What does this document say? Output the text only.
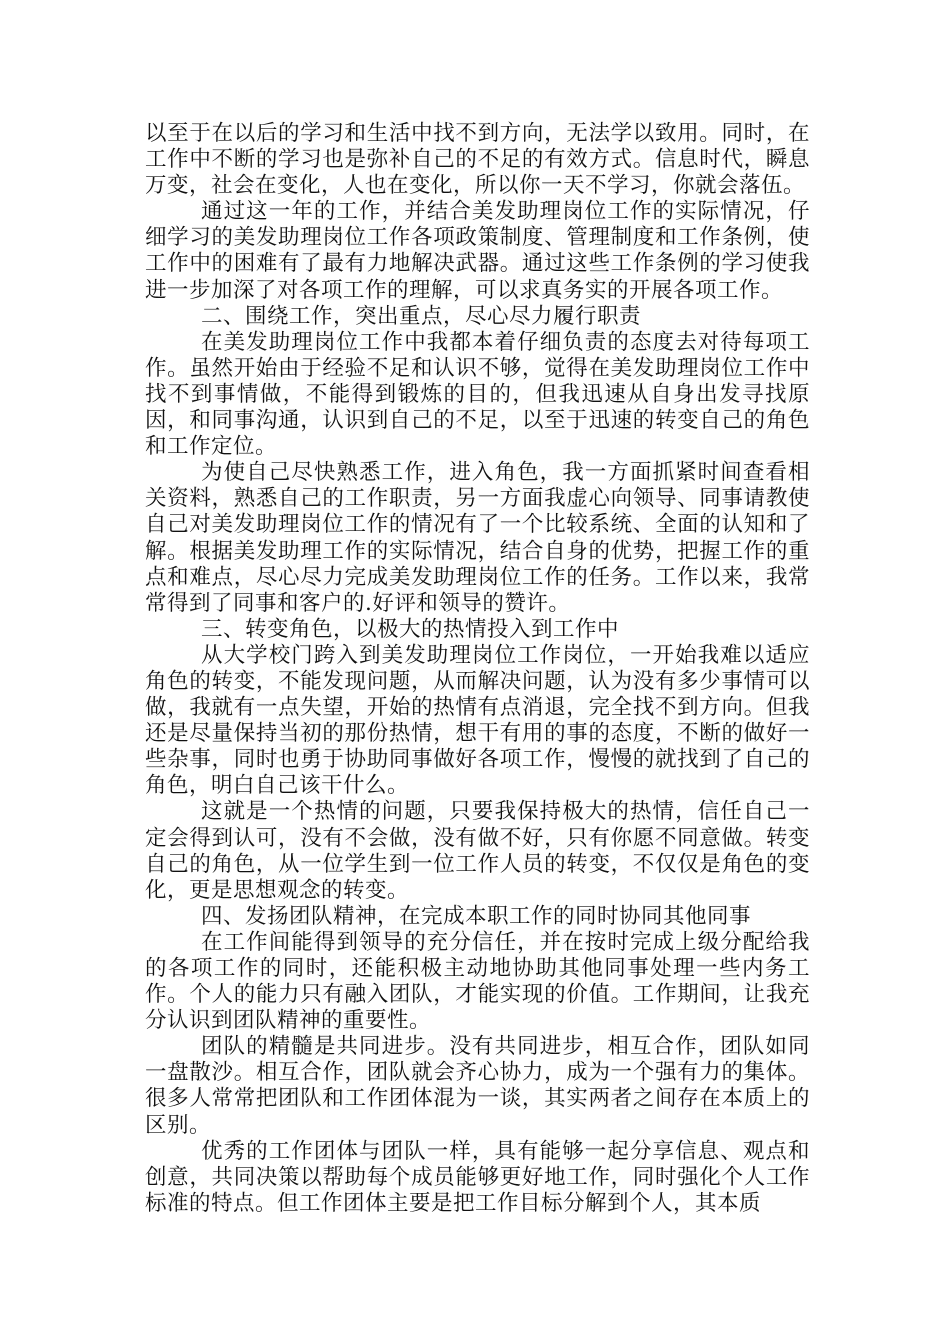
以至于在以后的学习和生活中找不到方向，无法学以致用。同时，在工作中不断的学习也是弥补自己的不足的有效方式。信息时代，瞬息万变，社会在变化，人也在变化，所以你一天不学习，你就会落伍。

通过这一年的工作，并结合美发助理岗位工作的实际情况，仔细学习的美发助理岗位工作各项政策制度、管理制度和工作条例，使工作中的困难有了最有力地解决武器。通过这些工作条例的学习使我进一步加深了对各项工作的理解，可以求真务实的开展各项工作。

二、围绕工作，突出重点，尽心尽力履行职责

在美发助理岗位工作中我都本着仔细负责的态度去对待每项工作。虽然开始由于经验不足和认识不够，觉得在美发助理岗位工作中找不到事情做，不能得到锻炼的目的，但我迅速从自身出发寻找原因，和同事沟通，认识到自己的不足，以至于迅速的转变自己的角色和工作定位。

为使自己尽快熟悉工作，进入角色，我一方面抓紧时间查看相关资料，熟悉自己的工作职责，另一方面我虚心向领导、同事请教使自己对美发助理岗位工作的情况有了一个比较系统、全面的认知和了解。根据美发助理工作的实际情况，结合自身的优势，把握工作的重点和难点，尽心尽力完成美发助理岗位工作的任务。工作以来，我常常得到了同事和客户的.好评和领导的赞许。

三、转变角色，以极大的热情投入到工作中

从大学校门跨入到美发助理岗位工作岗位，一开始我难以适应角色的转变，不能发现问题，从而解决问题，认为没有多少事情可以做，我就有一点失望，开始的热情有点消退，完全找不到方向。但我还是尽量保持当初的那份热情，想干有用的事的态度，不断的做好一些杂事，同时也勇于协助同事做好各项工作，慢慢的就找到了自己的角色，明白自己该干什么。

这就是一个热情的问题，只要我保持极大的热情，信任自己一定会得到认可，没有不会做，没有做不好，只有你愿不同意做。转变自己的角色，从一位学生到一位工作人员的转变，不仅仅是角色的变化，更是思想观念的转变。

四、发扬团队精神，在完成本职工作的同时协同其他同事

在工作间能得到领导的充分信任，并在按时完成上级分配给我的各项工作的同时，还能积极主动地协助其他同事处理一些内务工作。个人的能力只有融入团队，才能实现的价值。工作期间，让我充分认识到团队精神的重要性。

团队的精髓是共同进步。没有共同进步，相互合作，团队如同一盘散沙。相互合作，团队就会齐心协力，成为一个强有力的集体。很多人常常把团队和工作团体混为一谈，其实两者之间存在本质上的区别。

优秀的工作团体与团队一样，具有能够一起分享信息、观点和创意，共同决策以帮助每个成员能够更好地工作，同时强化个人工作标准的特点。但工作团体主要是把工作目标分解到个人，其本质
